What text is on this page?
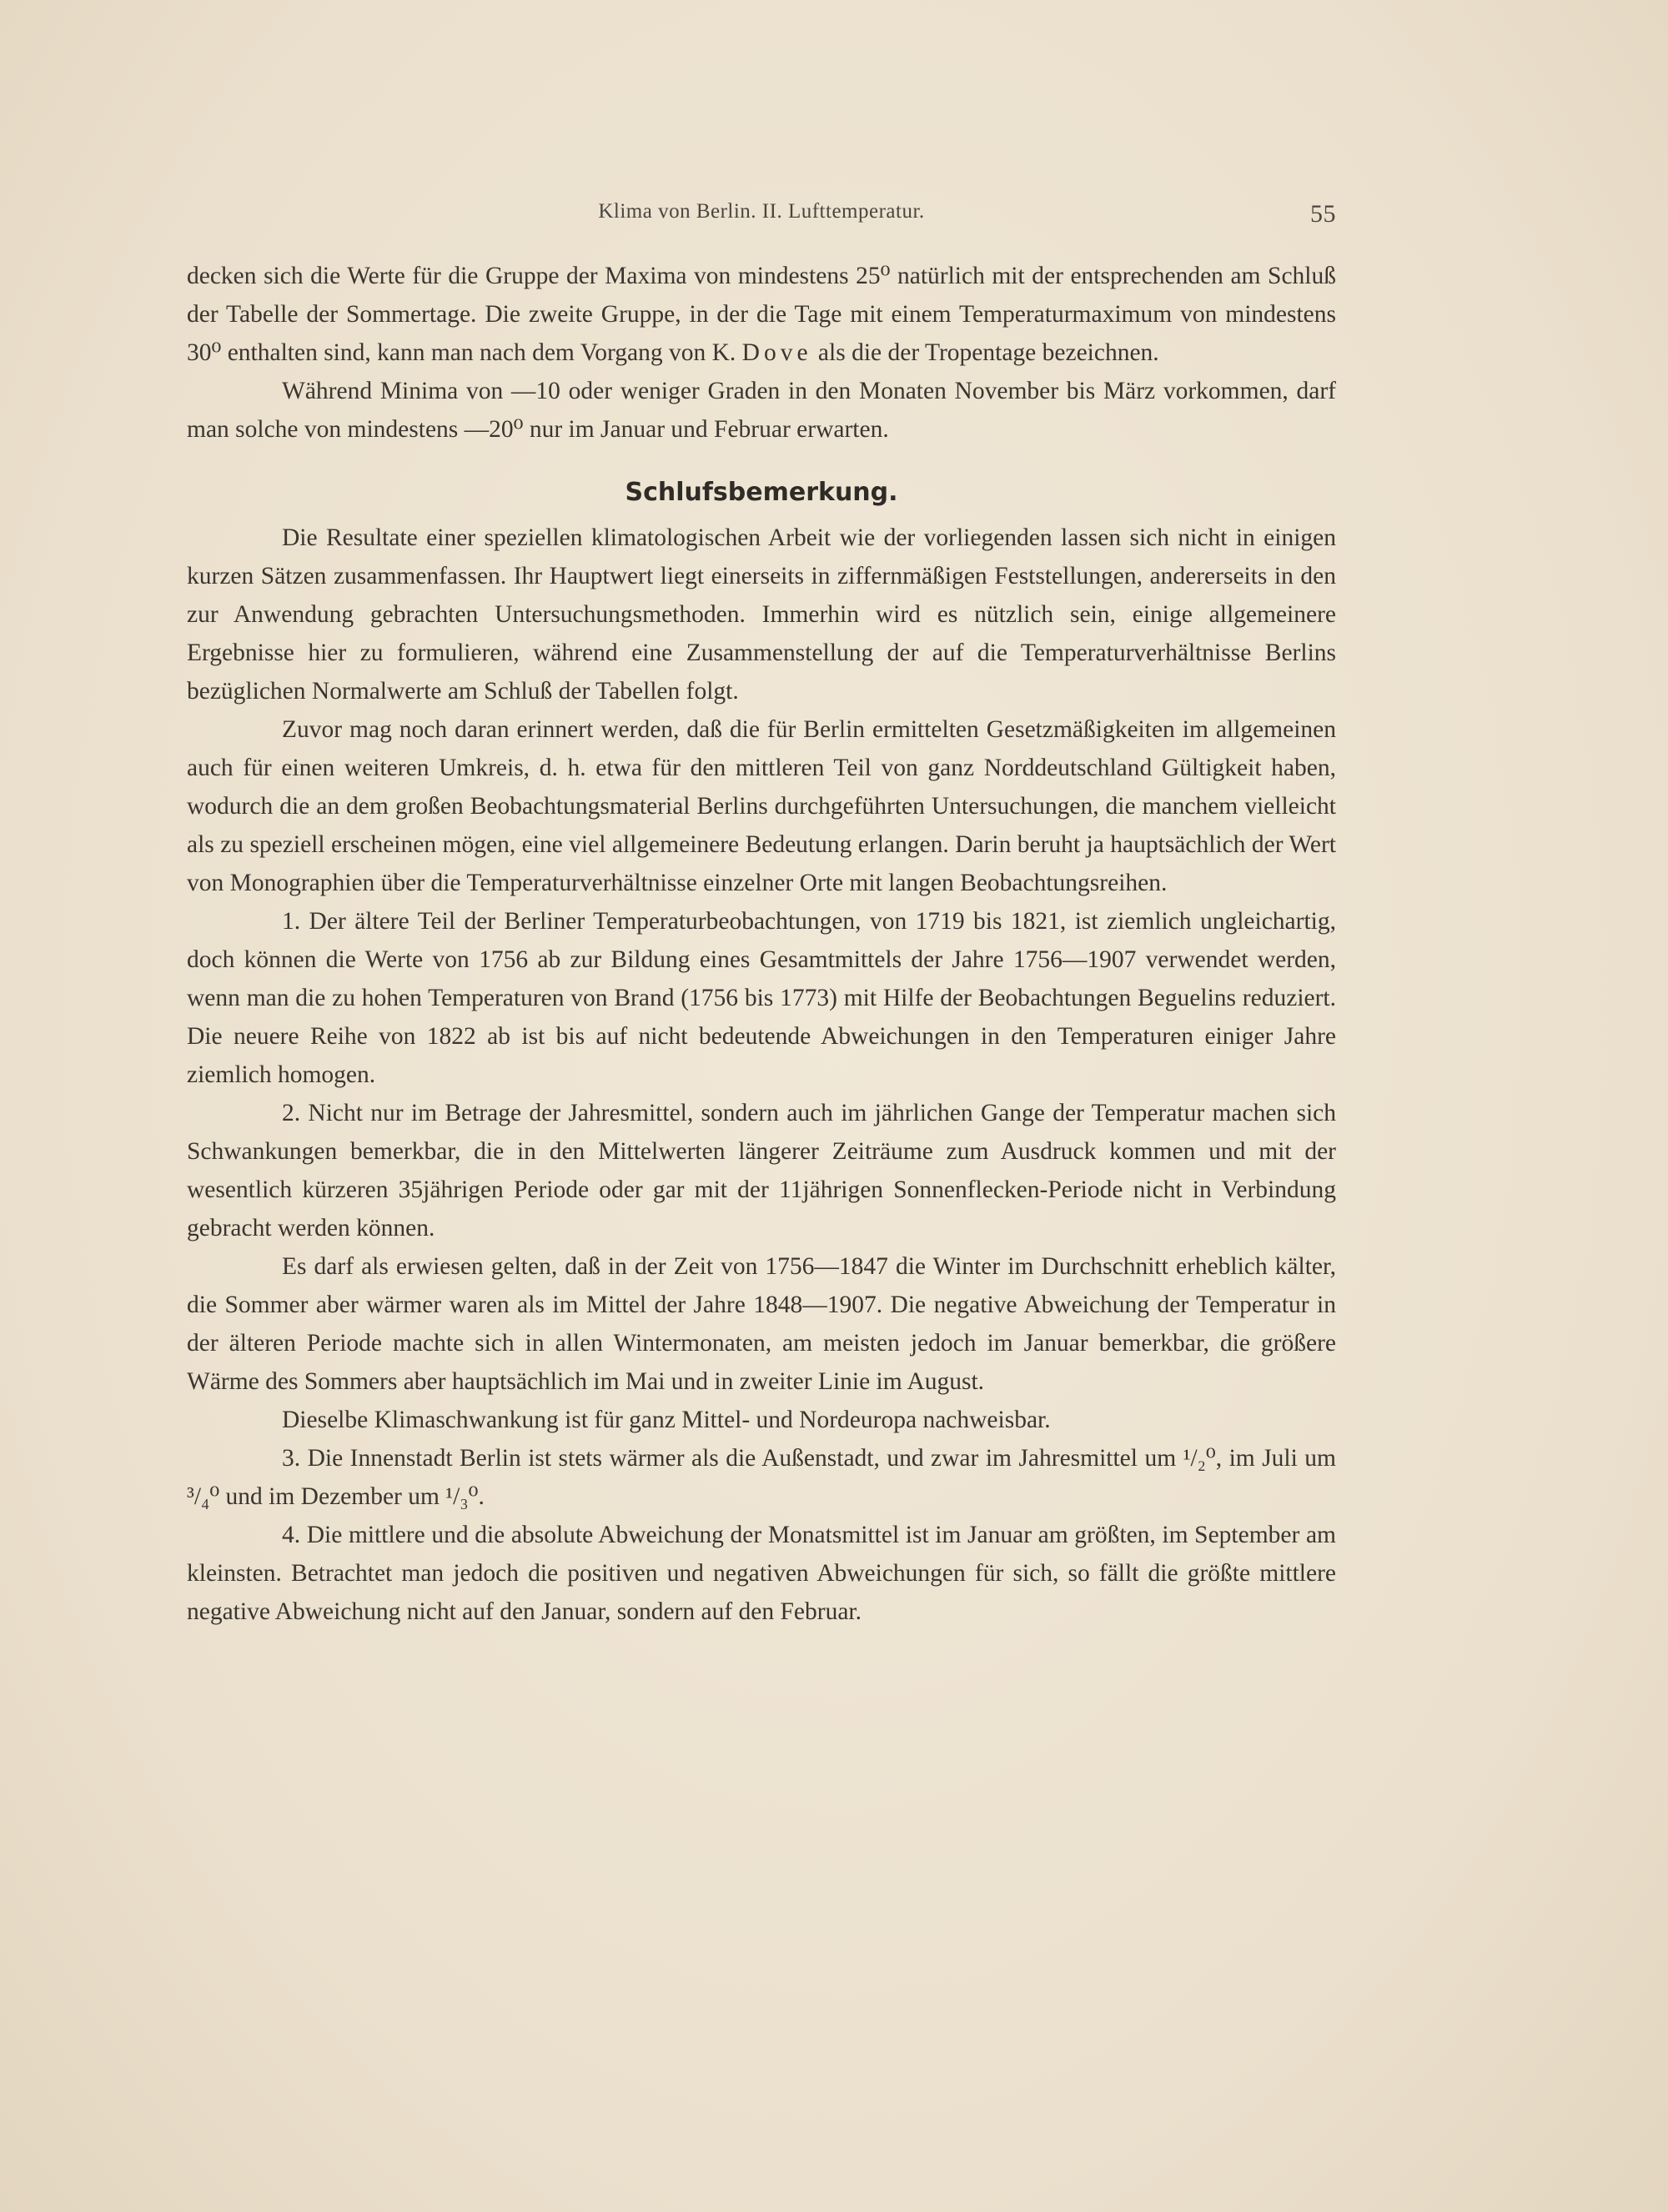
Klima von Berlin. II. Lufttemperatur.	55

decken sich die Werte für die Gruppe der Maxima von mindestens 25⁰ natürlich mit der entsprechenden am Schluß der Tabelle der Sommertage. Die zweite Gruppe, in der die Tage mit einem Temperaturmaximum von mindestens 30⁰ enthalten sind, kann man nach dem Vorgang von K. Dove als die der Tropentage bezeichnen.

Während Minima von —10 oder weniger Graden in den Monaten November bis März vorkommen, darf man solche von mindestens —20⁰ nur im Januar und Februar erwarten.

Schlufsbemerkung.

Die Resultate einer speziellen klimatologischen Arbeit wie der vorliegenden lassen sich nicht in einigen kurzen Sätzen zusammenfassen. Ihr Hauptwert liegt einerseits in ziffernmäßigen Feststellungen, andererseits in den zur Anwendung gebrachten Untersuchungsmethoden. Immerhin wird es nützlich sein, einige allgemeinere Ergebnisse hier zu formulieren, während eine Zusammenstellung der auf die Temperaturverhältnisse Berlins bezüglichen Normalwerte am Schluß der Tabellen folgt.

Zuvor mag noch daran erinnert werden, daß die für Berlin ermittelten Gesetzmäßigkeiten im allgemeinen auch für einen weiteren Umkreis, d. h. etwa für den mittleren Teil von ganz Norddeutschland Gültigkeit haben, wodurch die an dem großen Beobachtungsmaterial Berlins durchgeführten Untersuchungen, die manchem vielleicht als zu speziell erscheinen mögen, eine viel allgemeinere Bedeutung erlangen. Darin beruht ja hauptsächlich der Wert von Monographien über die Temperaturverhältnisse einzelner Orte mit langen Beobachtungsreihen.

1. Der ältere Teil der Berliner Temperaturbeobachtungen, von 1719 bis 1821, ist ziemlich ungleichartig, doch können die Werte von 1756 ab zur Bildung eines Gesamtmittels der Jahre 1756—1907 verwendet werden, wenn man die zu hohen Temperaturen von Brand (1756 bis 1773) mit Hilfe der Beobachtungen Beguelins reduziert. Die neuere Reihe von 1822 ab ist bis auf nicht bedeutende Abweichungen in den Temperaturen einiger Jahre ziemlich homogen.

2. Nicht nur im Betrage der Jahresmittel, sondern auch im jährlichen Gange der Temperatur machen sich Schwankungen bemerkbar, die in den Mittelwerten längerer Zeiträume zum Ausdruck kommen und mit der wesentlich kürzeren 35jährigen Periode oder gar mit der 11jährigen Sonnenflecken-Periode nicht in Verbindung gebracht werden können.

Es darf als erwiesen gelten, daß in der Zeit von 1756—1847 die Winter im Durchschnitt erheblich kälter, die Sommer aber wärmer waren als im Mittel der Jahre 1848—1907. Die negative Abweichung der Temperatur in der älteren Periode machte sich in allen Wintermonaten, am meisten jedoch im Januar bemerkbar, die größere Wärme des Sommers aber hauptsächlich im Mai und in zweiter Linie im August.

Dieselbe Klimaschwankung ist für ganz Mittel- und Nordeuropa nachweisbar.

3. Die Innenstadt Berlin ist stets wärmer als die Außenstadt, und zwar im Jahresmittel um ¹/₂⁰, im Juli um ³/₄⁰ und im Dezember um ¹/₃⁰.

4. Die mittlere und die absolute Abweichung der Monatsmittel ist im Januar am größten, im September am kleinsten. Betrachtet man jedoch die positiven und negativen Abweichungen für sich, so fällt die größte mittlere negative Abweichung nicht auf den Januar, sondern auf den Februar.
